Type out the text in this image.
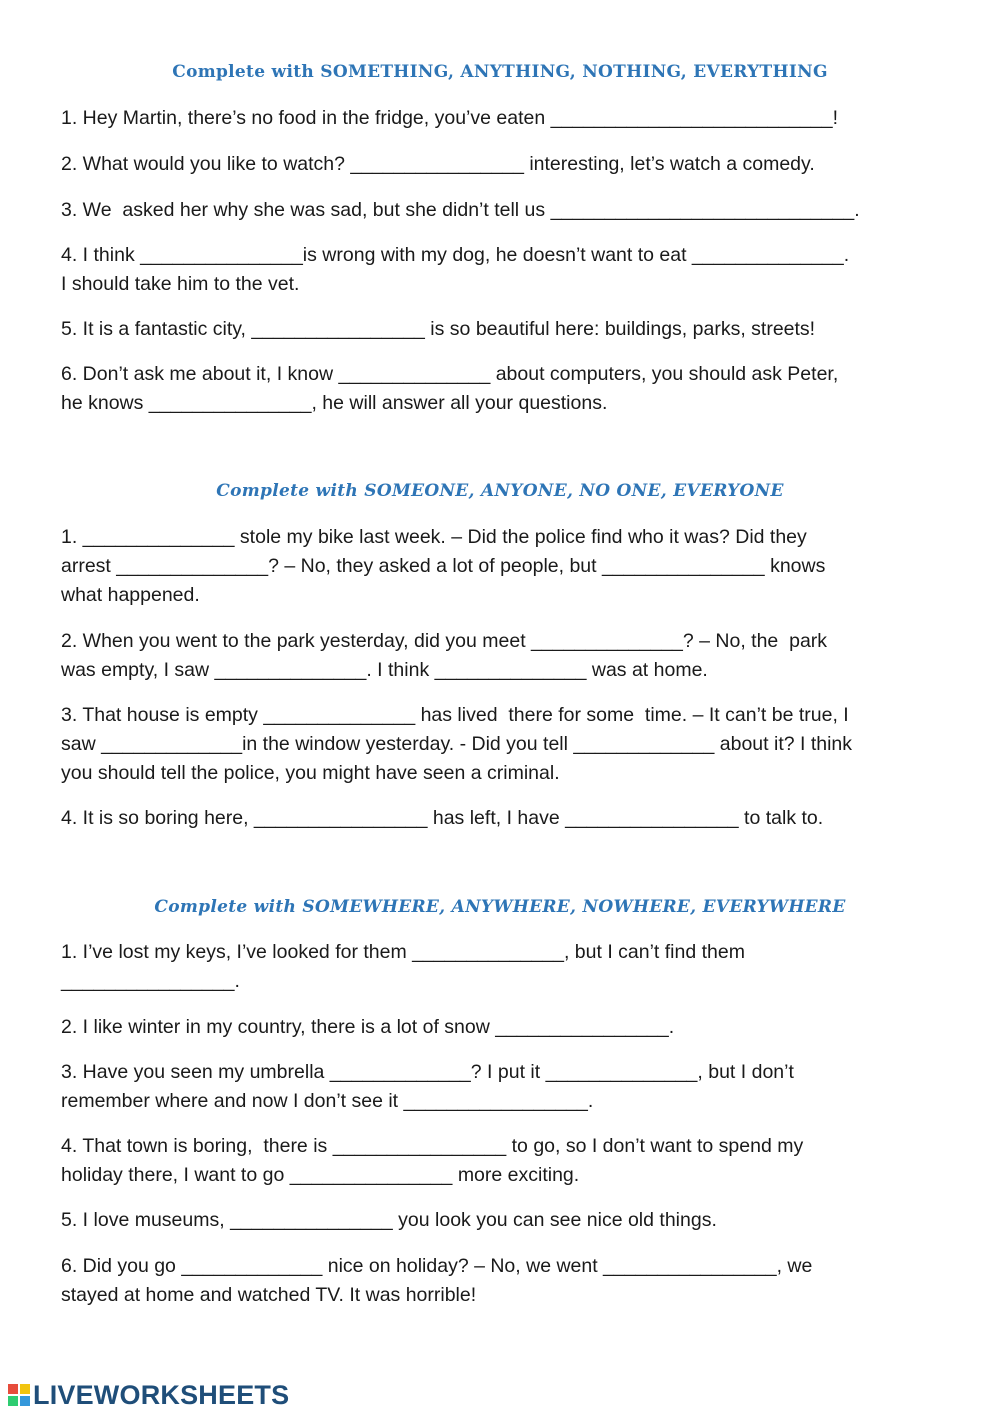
Complete with SOMETHING, ANYTHING, NOTHING, EVERYTHING
1. Hey Martin, there’s no food in the fridge, you’ve eaten __________________________!
2. What would you like to watch? ________________ interesting, let’s watch a comedy.
3. We  asked her why she was sad, but she didn’t tell us ____________________________.
4. I think _______________is wrong with my dog, he doesn’t want to eat ______________.
I should take him to the vet.
5. It is a fantastic city, ________________ is so beautiful here: buildings, parks, streets!
6. Don’t ask me about it, I know ______________ about computers, you should ask Peter,
he knows _______________, he will answer all your questions.
Complete with SOMEONE, ANYONE, NO ONE, EVERYONE
1. ______________ stole my bike last week. – Did the police find who it was? Did they
arrest ______________? – No, they asked a lot of people, but _______________ knows
what happened.
2. When you went to the park yesterday, did you meet ______________? – No, the  park
was empty, I saw ______________. I think ______________ was at home.
3. That house is empty ______________ has lived  there for some  time. – It can’t be true, I
saw _____________in the window yesterday. - Did you tell _____________ about it? I think
you should tell the police, you might have seen a criminal.
4. It is so boring here, ________________ has left, I have ________________ to talk to.
Complete with SOMEWHERE, ANYWHERE, NOWHERE, EVERYWHERE
1. I’ve lost my keys, I’ve looked for them ______________, but I can’t find them
________________.
2. I like winter in my country, there is a lot of snow ________________.
3. Have you seen my umbrella _____________? I put it ______________, but I don’t
remember where and now I don’t see it _________________.
4. That town is boring,  there is ________________ to go, so I don’t want to spend my
holiday there, I want to go _______________ more exciting.
5. I love museums, _______________ you look you can see nice old things.
6. Did you go _____________ nice on holiday? – No, we went ________________, we
stayed at home and watched TV. It was horrible!
LIVEWORKSHEETS
